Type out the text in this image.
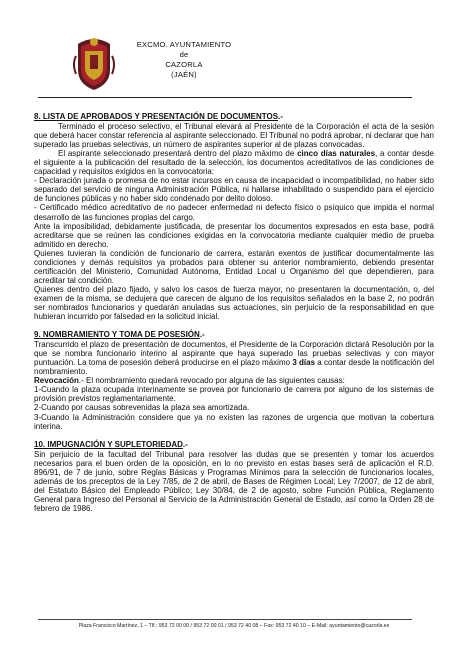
EXCMO. AYUNTAMIENTO
de
CAZORLA
(JAÉN)

8. LISTA DE APROBADOS Y PRESENTACIÓN DE DOCUMENTOS.-

Terminado el proceso selectivo, el Tribunal elevará al Presidente de la Corporación el acta de la sesión que deberá hacer constar referencia al aspirante seleccionado. El Tribunal no podrá aprobar, ni declarar que han superado las pruebas selectivas, un número de aspirantes superior al de plazas convocadas.

El aspirante seleccionado presentará dentro del plazo máximo de cinco días naturales, a contar desde el siguiente a la publicación del resultado de la selección, los documentos acreditativos de las condiciones de capacidad y requisitos exigidos en la convocatoria:

- Declaración jurada o promesa de no estar incursos en causa de incapacidad o incompatibilidad, no haber sido separado del servicio de ninguna Administración Pública, ni hallarse inhabilitado o suspendido para el ejercicio de funciones públicas y no haber sido condenado por delito doloso.

- Certificado médico acreditativo de no padecer enfermedad ni defecto físico o psíquico que impida el normal desarrollo de las funciones propias del cargo.

Ante la imposibilidad, debidamente justificada, de presentar los documentos expresados en esta base, podrá acreditarse que se reúnen las condiciones exigidas en la convocatoria mediante cualquier medio de prueba admitido en derecho.

Quienes tuvieran la condición de funcionario de carrera, estarán exentos de justificar documentalmente las condiciones y demás requisitos ya probados para obtener su anterior nombramiento, debiendo presentar certificación del Ministerio, Comunidad Autónoma, Entidad Local u Organismo del que dependieren, para acreditar tal condición.

Quienes dentro del plazo fijado, y salvo los casos de fuerza mayor, no presentaren la documentación, o, del examen de la misma, se dedujera que carecen de alguno de los requisitos señalados en la base 2, no podrán ser nombrados funcionarios y quedarán anuladas sus actuaciones, sin perjuicio de la responsabilidad en que hubieran incurrido por falsedad en la solicitud inicial.

9. NOMBRAMIENTO Y TOMA DE POSESIÓN.-

Transcurrido el plazo de presentación de documentos, el Presidente de la Corporación dictará Resolución por la que se nombra funcionario interino al aspirante que haya superado las pruebas selectivas y con mayor puntuación. La toma de posesión deberá producirse en el plazo máximo 3 días a contar desde la notificación del nombramiento.

Revocación.- El nombramiento quedará revocado por alguna de las siguientes causas:

1-Cuando la plaza ocupada interinamente se provea por funcionario de carrera por alguno de los sistemas de provisión previstos reglamentariamente.

2-Cuando por causas sobrevenidas la plaza sea amortizada.

3-Cuando la Administración considere que ya no existen las razones de urgencia que motivan la cobertura interina.

10. IMPUGNACIÓN Y SUPLETORIEDAD.-

Sin perjuicio de la facultad del Tribunal para resolver las dudas que se presenten y tomar los acuerdos necesarios para el buen orden de la oposición, en lo no previsto en estas bases será de aplicación el R.D. 896/91, de 7 de junio, sobre Reglas Básicas y Programas Mínimos para la selección de funcionarios locales, además de los preceptos de la Ley 7/85, de 2 de abril, de Bases de Régimen Local; Ley 7/2007, de 12 de abril, del Estatuto Básico del Empleado Público; Ley 30/84, de 2 de agosto, sobre Función Pública, Reglamento General para Ingreso del Personal al Servicio de la Administración General de Estado, así como la Orden 28 de febrero de 1986.

Plaza Francisco Martínez, 1 – Tlf.: 953 72 00 00 / 953 72 00 01 / 953 72 40 08 – Fax: 953 72 40 10 – E-Mail: ayuntamiento@cazorla.es
